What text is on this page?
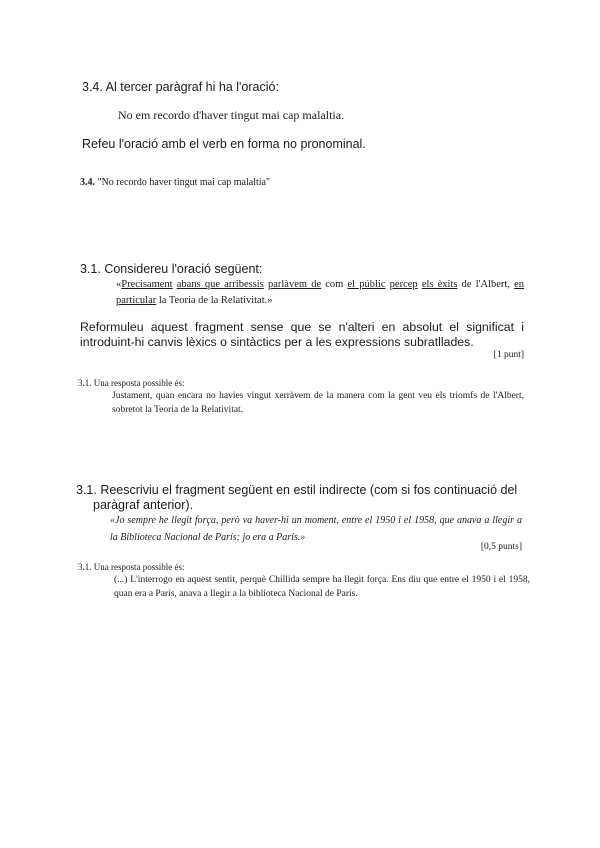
3.4. Al tercer paràgraf hi ha l'oració:
No em recordo d'haver tingut mai cap malaltia.
Refeu l'oració amb el verb en forma no pronominal.
3.4. "No recordo haver tingut mai cap malaltia"
3.1. Considereu l'oració següent:
«Precisament abans que arribessis parlàvem de com el públic percep els èxits de l'Albert, en particular la Teoria de la Relativitat.»
Reformuleu aquest fragment sense que se n'alteri en absolut el significat i introduint-hi canvis lèxics o sintàctics per a les expressions subratllades.
[1 punt]
3.1. Una resposta possible és:
Justament, quan encara no havies vingut xerràvem de la manera com la gent veu els triomfs de l'Albert, sobretot la Teoria de la Relativitat.
3.1. Reescriviu el fragment següent en estil indirecte (com si fos continuació del
paràgraf anterior).
«Jo sempre he llegit força, però va haver-hi un moment, entre el 1950 i el 1958, que anava a llegir a la Biblioteca Nacional de París; jo era a París.»
[0,5 punts]
3.1. Una resposta possible és:
(...) L'interrogo en aquest sentit, perquè Chillida sempre ha llegit força. Ens diu que entre el 1950 i el 1958, quan era a París, anava a llegir a la biblioteca Nacional de París.
